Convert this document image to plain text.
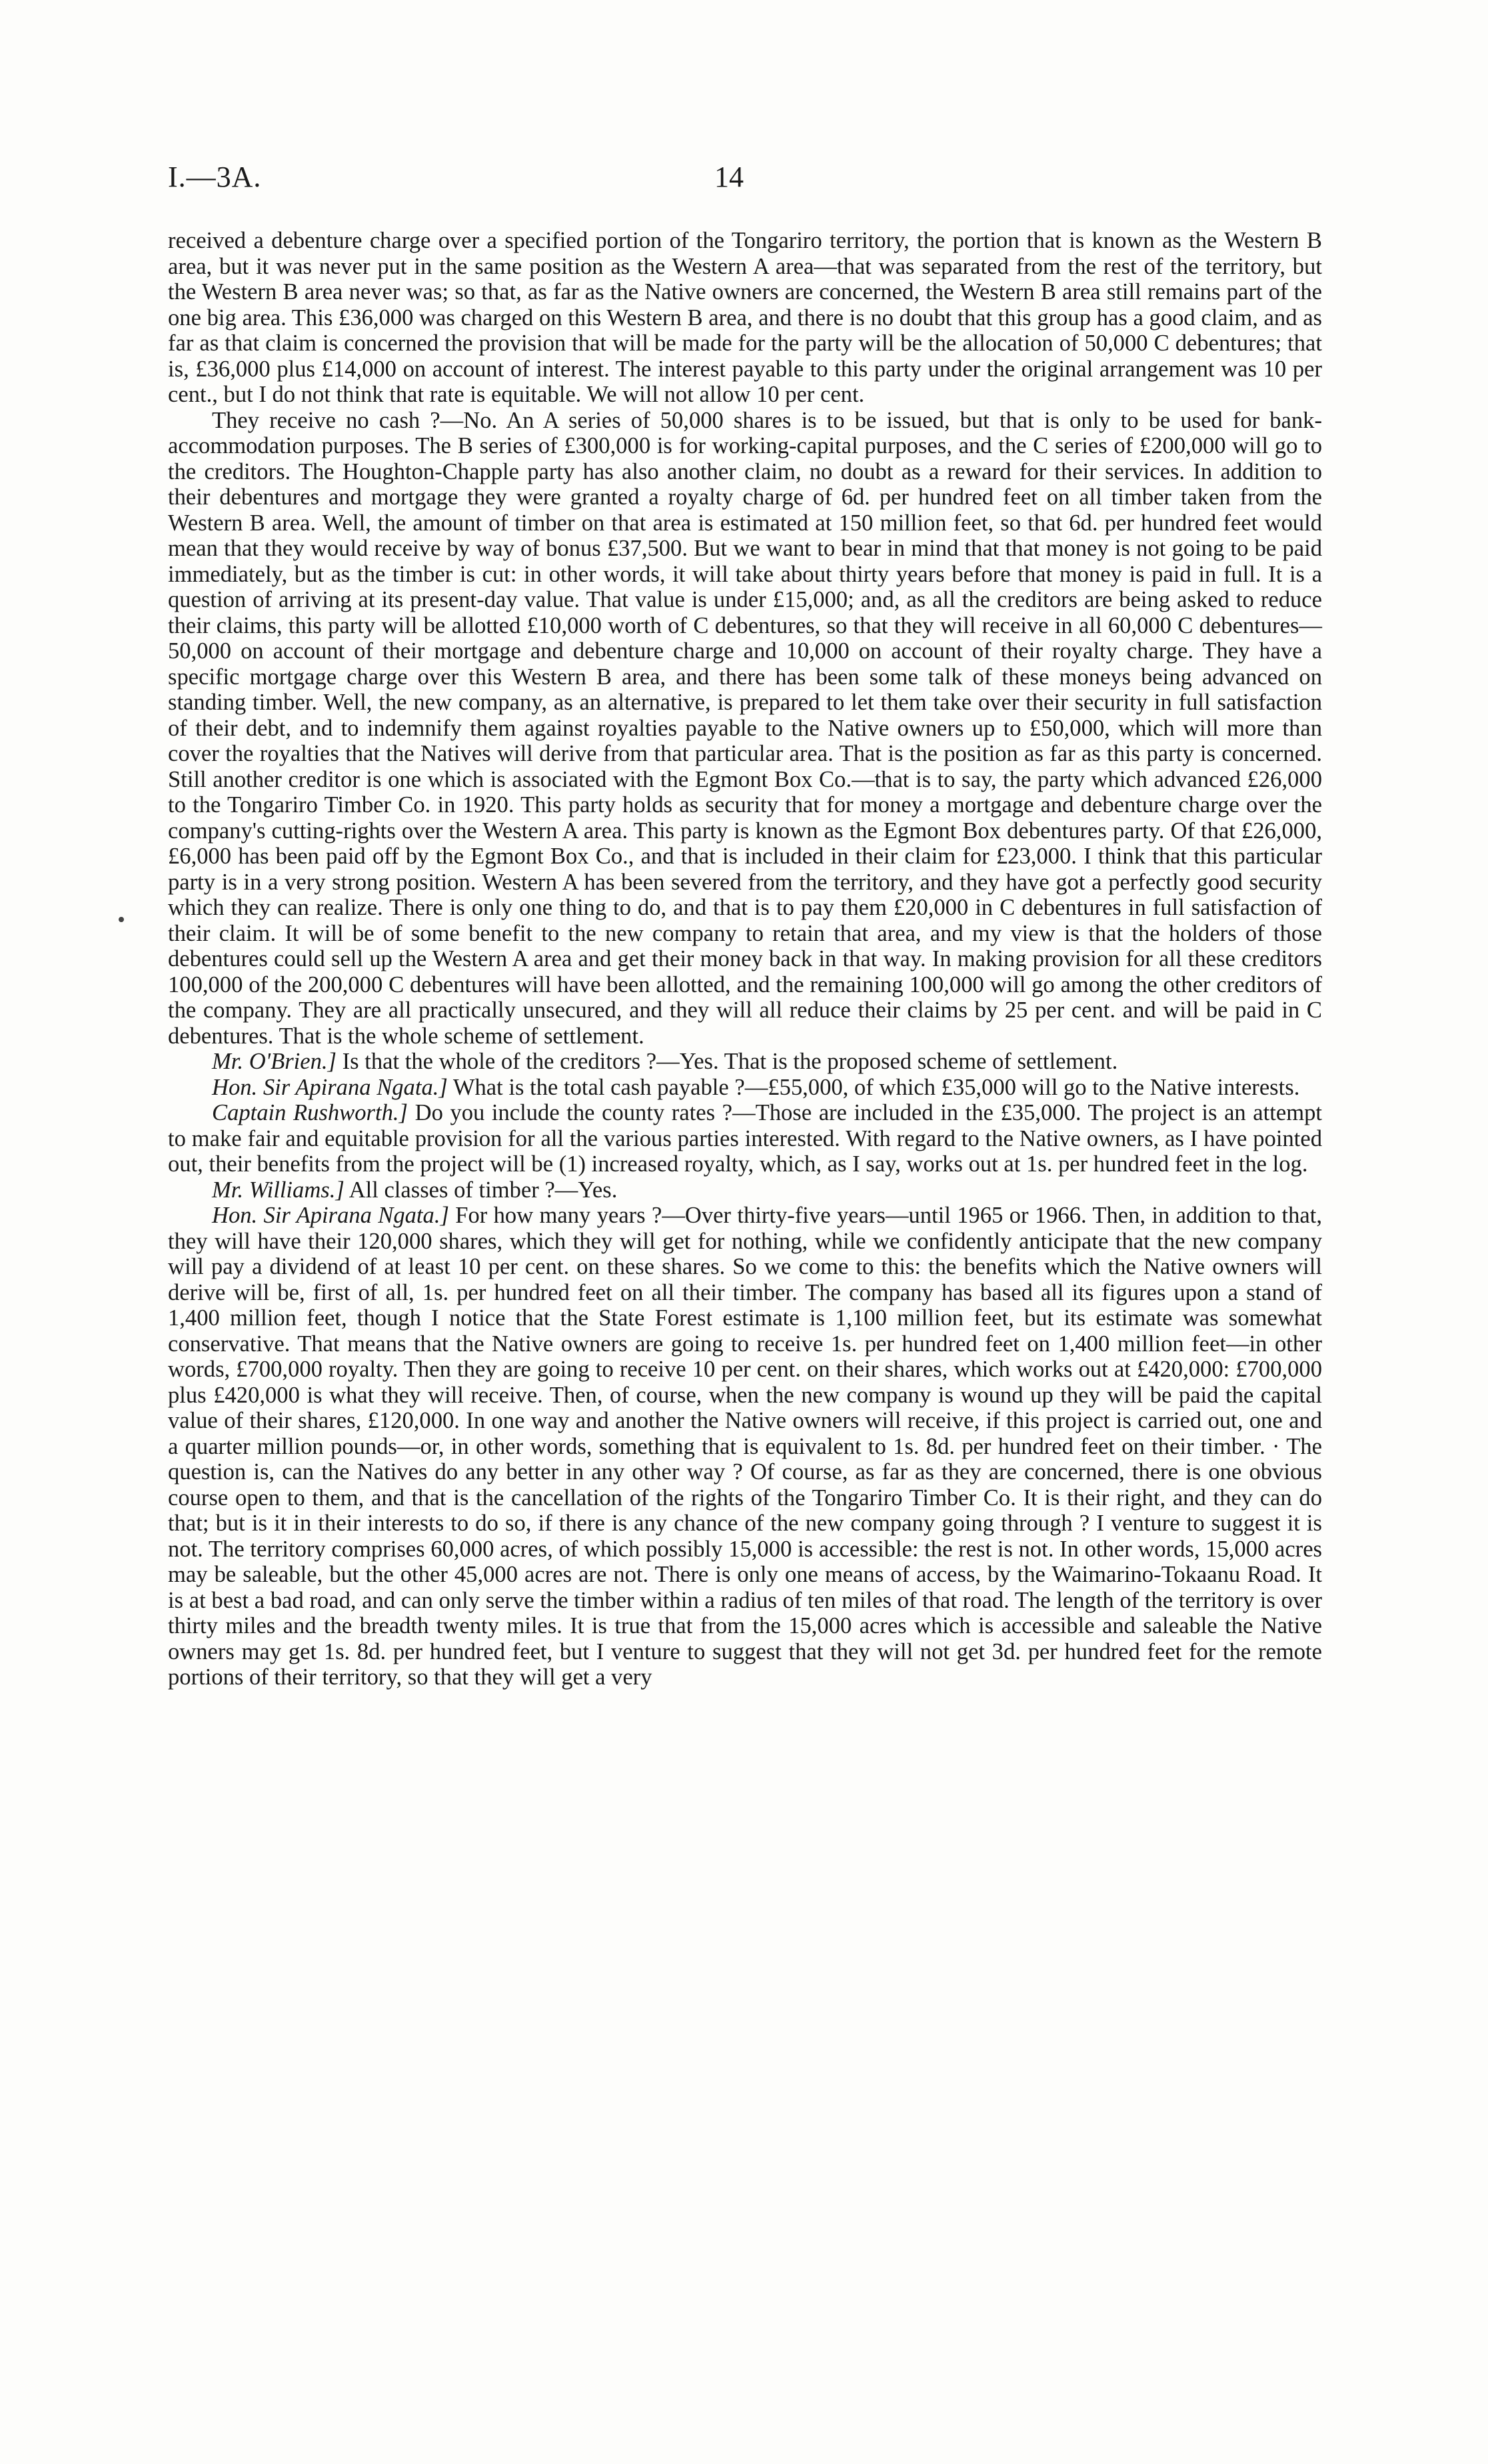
I.—3A.	14

received a debenture charge over a specified portion of the Tongariro territory, the portion that is known as the Western B area, but it was never put in the same position as the Western A area—that was separated from the rest of the territory, but the Western B area never was; so that, as far as the Native owners are concerned, the Western B area still remains part of the one big area. This £36,000 was charged on this Western B area, and there is no doubt that this group has a good claim, and as far as that claim is concerned the provision that will be made for the party will be the allocation of 50,000 C debentures; that is, £36,000 plus £14,000 on account of interest. The interest payable to this party under the original arrangement was 10 per cent., but I do not think that rate is equitable. We will not allow 10 per cent.

They receive no cash ?—No. An A series of 50,000 shares is to be issued, but that is only to be used for bank-accommodation purposes. The B series of £300,000 is for working-capital purposes, and the C series of £200,000 will go to the creditors. The Houghton-Chapple party has also another claim, no doubt as a reward for their services. In addition to their debentures and mortgage they were granted a royalty charge of 6d. per hundred feet on all timber taken from the Western B area. Well, the amount of timber on that area is estimated at 150 million feet, so that 6d. per hundred feet would mean that they would receive by way of bonus £37,500. But we want to bear in mind that that money is not going to be paid immediately, but as the timber is cut: in other words, it will take about thirty years before that money is paid in full. It is a question of arriving at its present-day value. That value is under £15,000; and, as all the creditors are being asked to reduce their claims, this party will be allotted £10,000 worth of C debentures, so that they will receive in all 60,000 C debentures—50,000 on account of their mortgage and debenture charge and 10,000 on account of their royalty charge. They have a specific mortgage charge over this Western B area, and there has been some talk of these moneys being advanced on standing timber. Well, the new company, as an alternative, is prepared to let them take over their security in full satisfaction of their debt, and to indemnify them against royalties payable to the Native owners up to £50,000, which will more than cover the royalties that the Natives will derive from that particular area. That is the position as far as this party is concerned. Still another creditor is one which is associated with the Egmont Box Co.—that is to say, the party which advanced £26,000 to the Tongariro Timber Co. in 1920. This party holds as security that for money a mortgage and debenture charge over the company's cutting-rights over the Western A area. This party is known as the Egmont Box debentures party. Of that £26,000, £6,000 has been paid off by the Egmont Box Co., and that is included in their claim for £23,000. I think that this particular party is in a very strong position. Western A has been severed from the territory, and they have got a perfectly good security which they can realize. There is only one thing to do, and that is to pay them £20,000 in C debentures in full satisfaction of their claim. It will be of some benefit to the new company to retain that area, and my view is that the holders of those debentures could sell up the Western A area and get their money back in that way. In making provision for all these creditors 100,000 of the 200,000 C debentures will have been allotted, and the remaining 100,000 will go among the other creditors of the company. They are all practically unsecured, and they will all reduce their claims by 25 per cent. and will be paid in C debentures. That is the whole scheme of settlement.

Mr. O'Brien.] Is that the whole of the creditors ?—Yes. That is the proposed scheme of settlement.

Hon. Sir Apirana Ngata.] What is the total cash payable ?—£55,000, of which £35,000 will go to the Native interests.

Captain Rushworth.] Do you include the county rates ?—Those are included in the £35,000. The project is an attempt to make fair and equitable provision for all the various parties interested. With regard to the Native owners, as I have pointed out, their benefits from the project will be (1) increased royalty, which, as I say, works out at 1s. per hundred feet in the log.

Mr. Williams.] All classes of timber ?—Yes.

Hon. Sir Apirana Ngata.] For how many years ?—Over thirty-five years—until 1965 or 1966. Then, in addition to that, they will have their 120,000 shares, which they will get for nothing, while we confidently anticipate that the new company will pay a dividend of at least 10 per cent. on these shares. So we come to this: the benefits which the Native owners will derive will be, first of all, 1s. per hundred feet on all their timber. The company has based all its figures upon a stand of 1,400 million feet, though I notice that the State Forest estimate is 1,100 million feet, but its estimate was somewhat conservative. That means that the Native owners are going to receive 1s. per hundred feet on 1,400 million feet—in other words, £700,000 royalty. Then they are going to receive 10 per cent. on their shares, which works out at £420,000: £700,000 plus £420,000 is what they will receive. Then, of course, when the new company is wound up they will be paid the capital value of their shares, £120,000. In one way and another the Native owners will receive, if this project is carried out, one and a quarter million pounds—or, in other words, something that is equivalent to 1s. 8d. per hundred feet on their timber. · The question is, can the Natives do any better in any other way ? Of course, as far as they are concerned, there is one obvious course open to them, and that is the cancellation of the rights of the Tongariro Timber Co. It is their right, and they can do that; but is it in their interests to do so, if there is any chance of the new company going through ? I venture to suggest it is not. The territory comprises 60,000 acres, of which possibly 15,000 is accessible: the rest is not. In other words, 15,000 acres may be saleable, but the other 45,000 acres are not. There is only one means of access, by the Waimarino-Tokaanu Road. It is at best a bad road, and can only serve the timber within a radius of ten miles of that road. The length of the territory is over thirty miles and the breadth twenty miles. It is true that from the 15,000 acres which is accessible and saleable the Native owners may get 1s. 8d. per hundred feet, but I venture to suggest that they will not get 3d. per hundred feet for the remote portions of their territory, so that they will get a very
